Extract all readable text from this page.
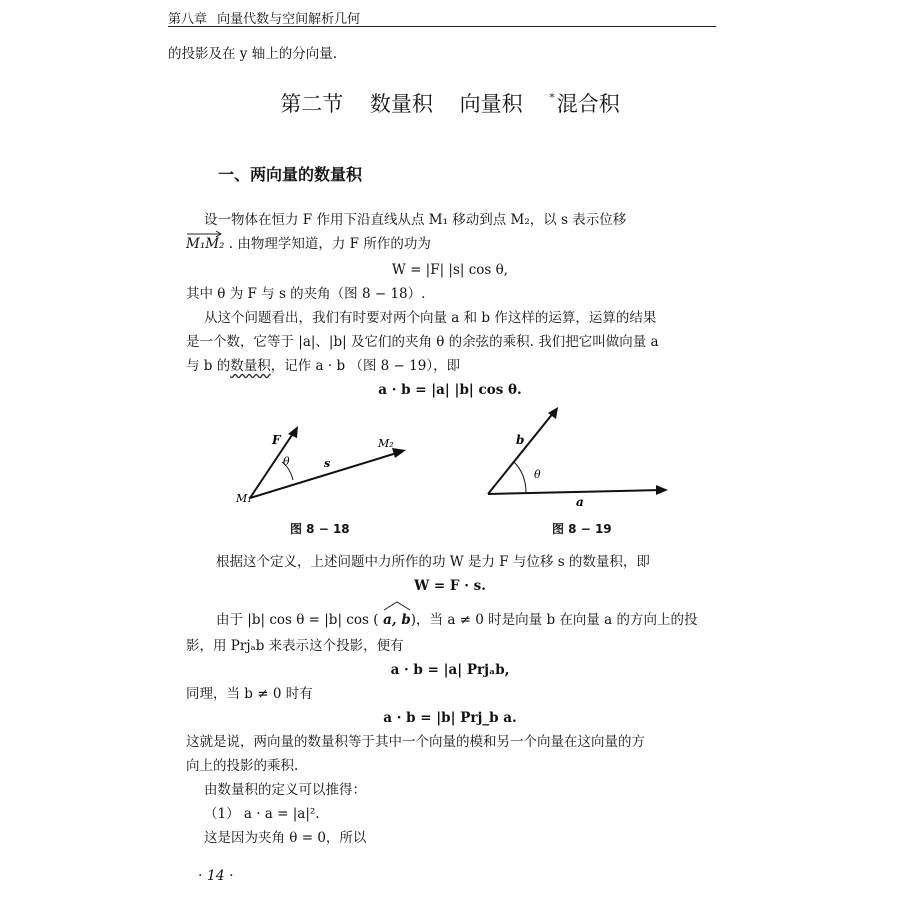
第八章 向量代数与空间解析几何
的投影及在 y 轴上的分向量.
第二节 数量积 向量积 *混合积
一、两向量的数量积
设一物体在恒力 F 作用下沿直线从点 M₁ 移动到点 M₂，以 s 表示位移
M₁M₂ . 由物理学知道，力 F 所作的功为
W = |F| |s| cos θ,
其中 θ 为 F 与 s 的夹角（图 8 − 18）.
从这个问题看出，我们有时要对两个向量 a 和 b 作这样的运算，运算的结果
是一个数，它等于 |a|、|b| 及它们的夹角 θ 的余弦的乘积. 我们把它叫做向量 a
与 b 的数量积，记作 a · b （图 8 − 19），即
a · b = |a| |b| cos θ.
F
θ	s
M₁
M₂
图 8 − 18
b
θ
a
图 8 − 19
根据这个定义，上述问题中力所作的功 W 是力 F 与位移 s 的数量积，即
W = F · s.
由于 |b| cos θ = |b| cos ( a, b)，当 a ≠ 0 时是向量 b 在向量 a 的方向上的投
影，用 Prjₐb 来表示这个投影，便有
a · b = |a| Prjₐb,
同理，当 b ≠ 0 时有
a · b = |b| Prj_b a.
这就是说，两向量的数量积等于其中一个向量的模和另一个向量在这向量的方
向上的投影的乘积.
由数量积的定义可以推得：
（1） a · a = |a|².
这是因为夹角 θ = 0，所以
· 14 ·
